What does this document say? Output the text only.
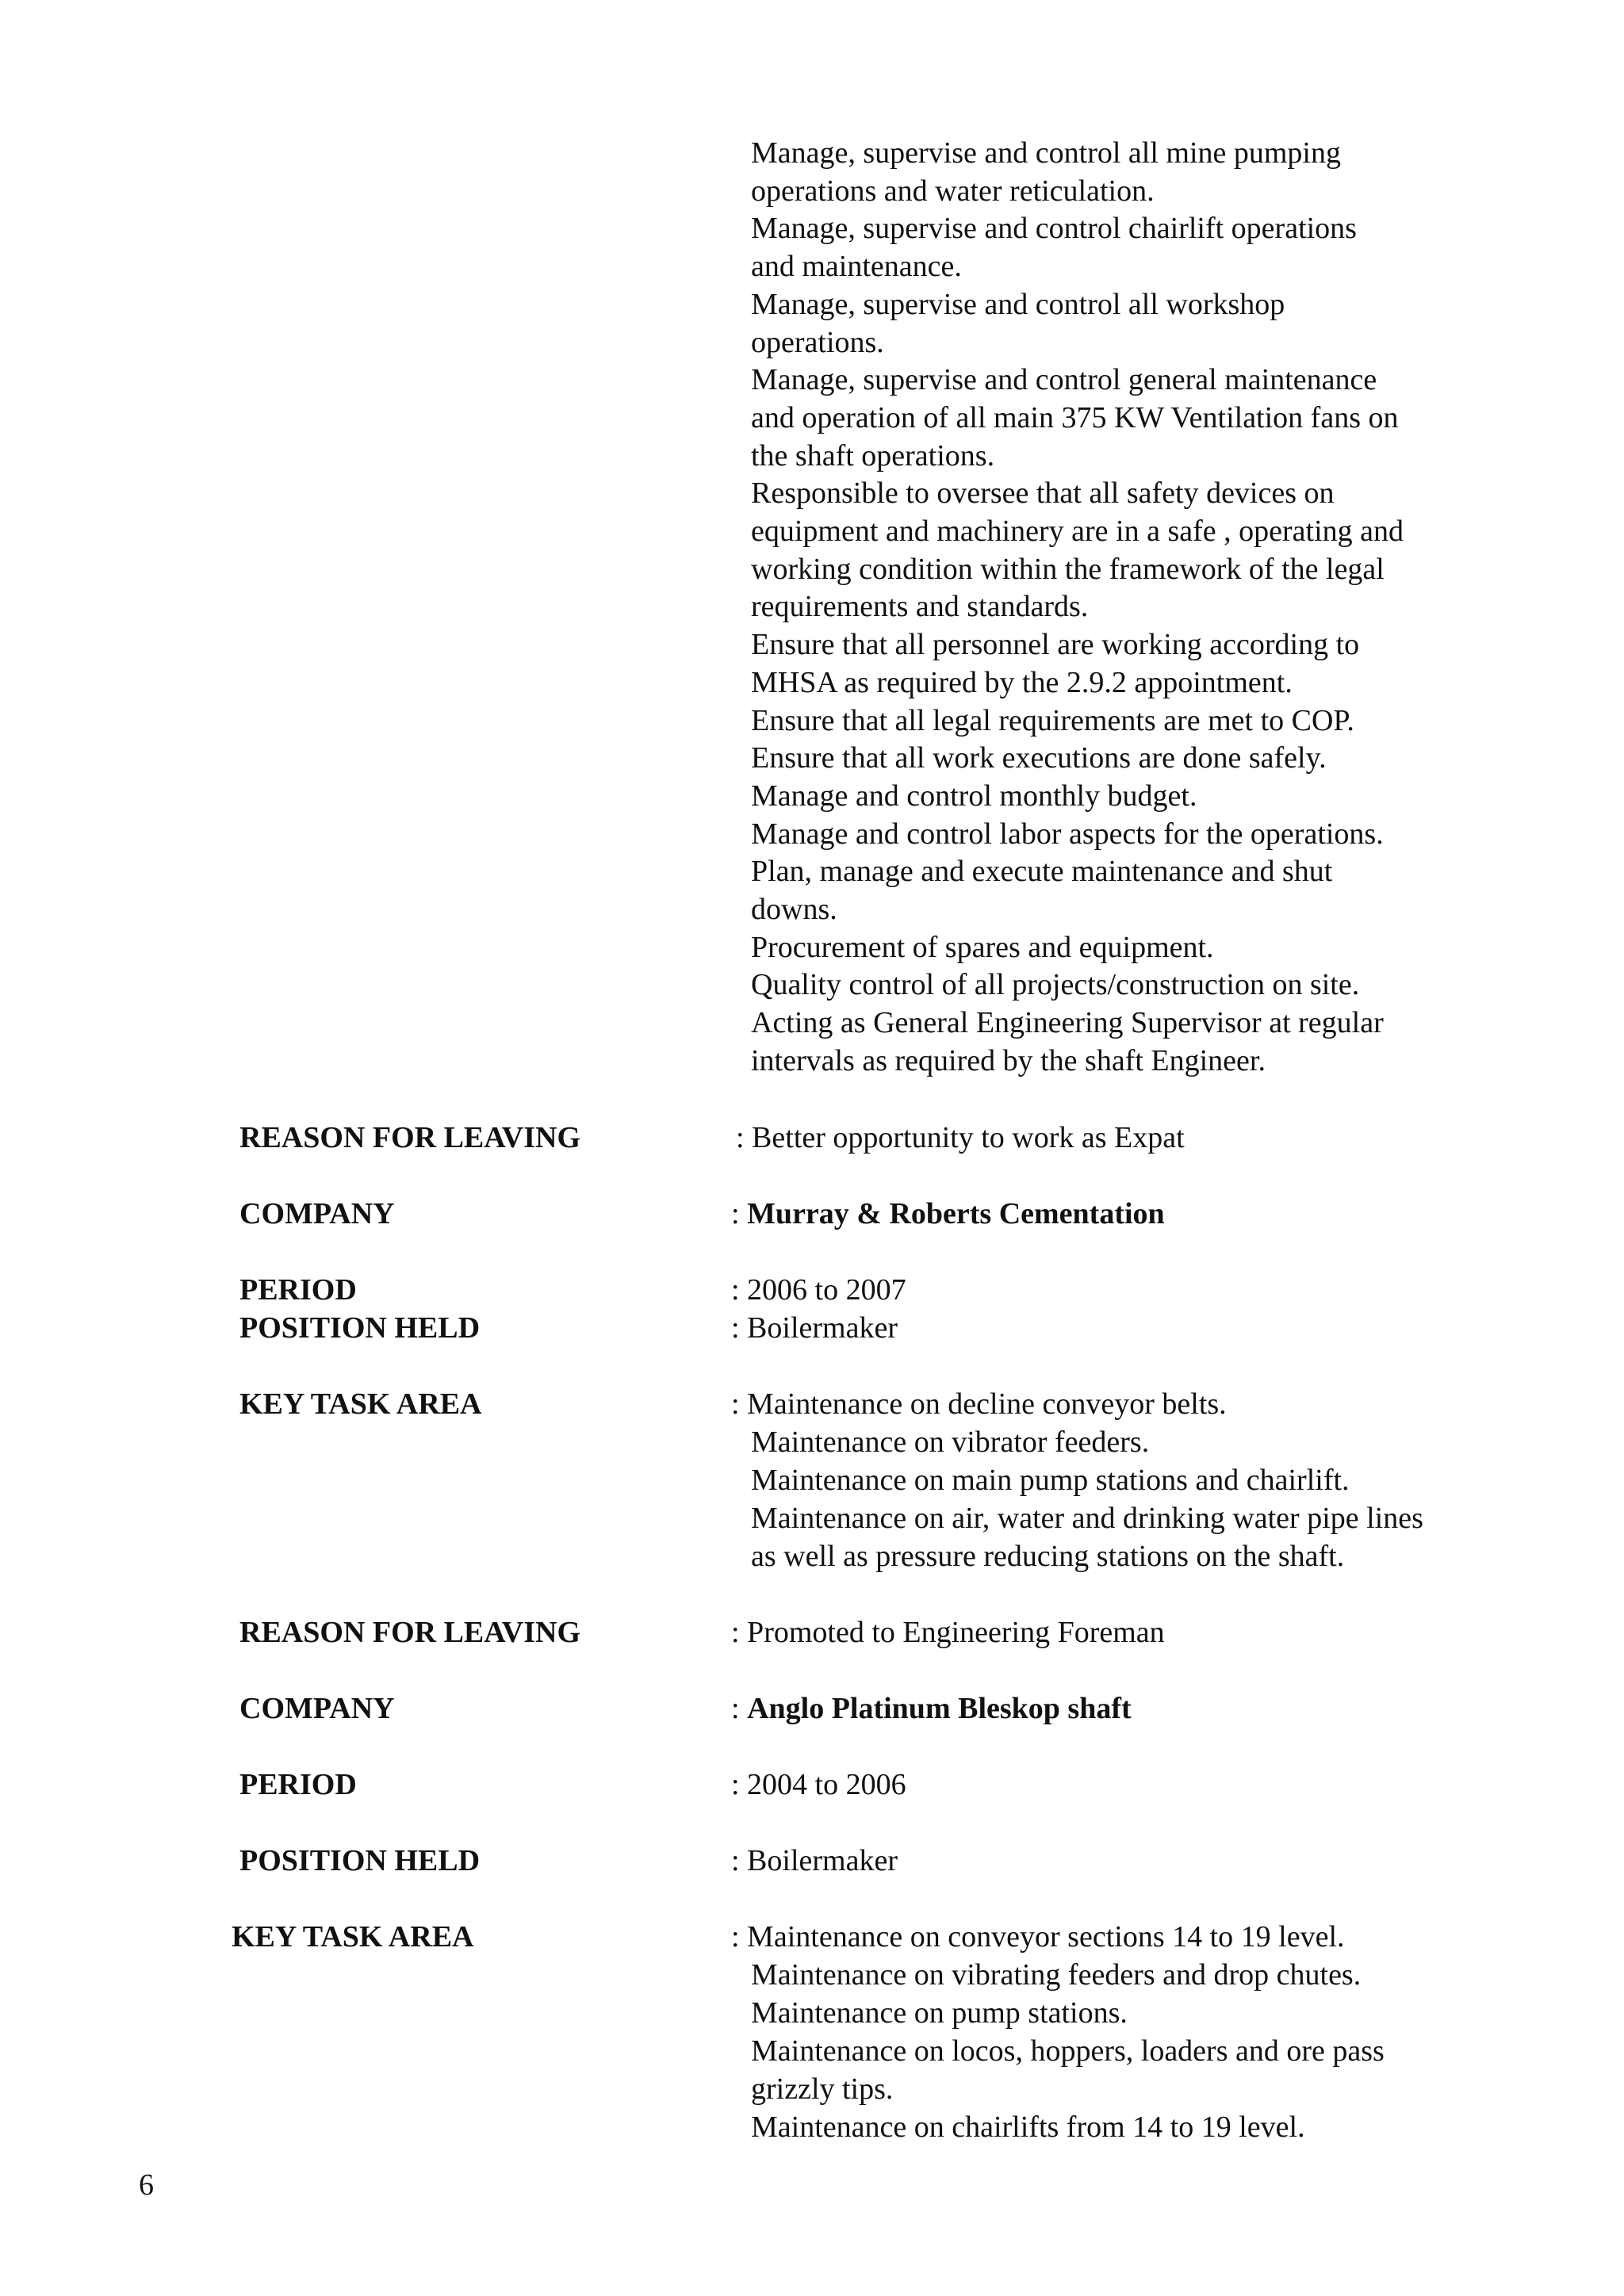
Manage, supervise and control all mine pumping
operations and water reticulation.
Manage, supervise and control chairlift operations
and maintenance.
Manage, supervise and control all workshop
operations.
Manage, supervise and control general maintenance
and operation of all main 375 KW Ventilation fans on
the shaft operations.
Responsible to oversee that all safety devices on
equipment and machinery are in a safe , operating and
working condition within the framework of the legal
requirements and standards.
Ensure that all personnel are working according to
MHSA as required by the 2.9.2 appointment.
Ensure that all legal requirements are met to COP.
Ensure that all work executions are done safely.
Manage and control monthly budget.
Manage and control labor aspects for the operations.
Plan, manage and execute maintenance and shut
downs.
Procurement of spares and equipment.
Quality control of all projects/construction on site.
Acting as General Engineering Supervisor at regular
intervals as required by the shaft Engineer.
REASON FOR LEAVING	: Better opportunity to work as Expat
COMPANY	: Murray & Roberts Cementation
PERIOD	: 2006 to 2007
POSITION HELD	: Boilermaker
KEY TASK AREA	: Maintenance on decline conveyor belts.
Maintenance on vibrator feeders.
Maintenance on main pump stations and chairlift.
Maintenance on air, water and drinking water pipe lines
as well as pressure reducing stations on the shaft.
REASON FOR LEAVING	: Promoted to Engineering Foreman
COMPANY	: Anglo Platinum Bleskop shaft
PERIOD	: 2004 to 2006
POSITION HELD	: Boilermaker
KEY TASK AREA	: Maintenance on conveyor sections 14 to 19 level.
Maintenance on vibrating feeders and drop chutes.
Maintenance on pump stations.
Maintenance on locos, hoppers, loaders and ore pass
grizzly tips.
Maintenance on chairlifts from 14 to 19 level.
6
